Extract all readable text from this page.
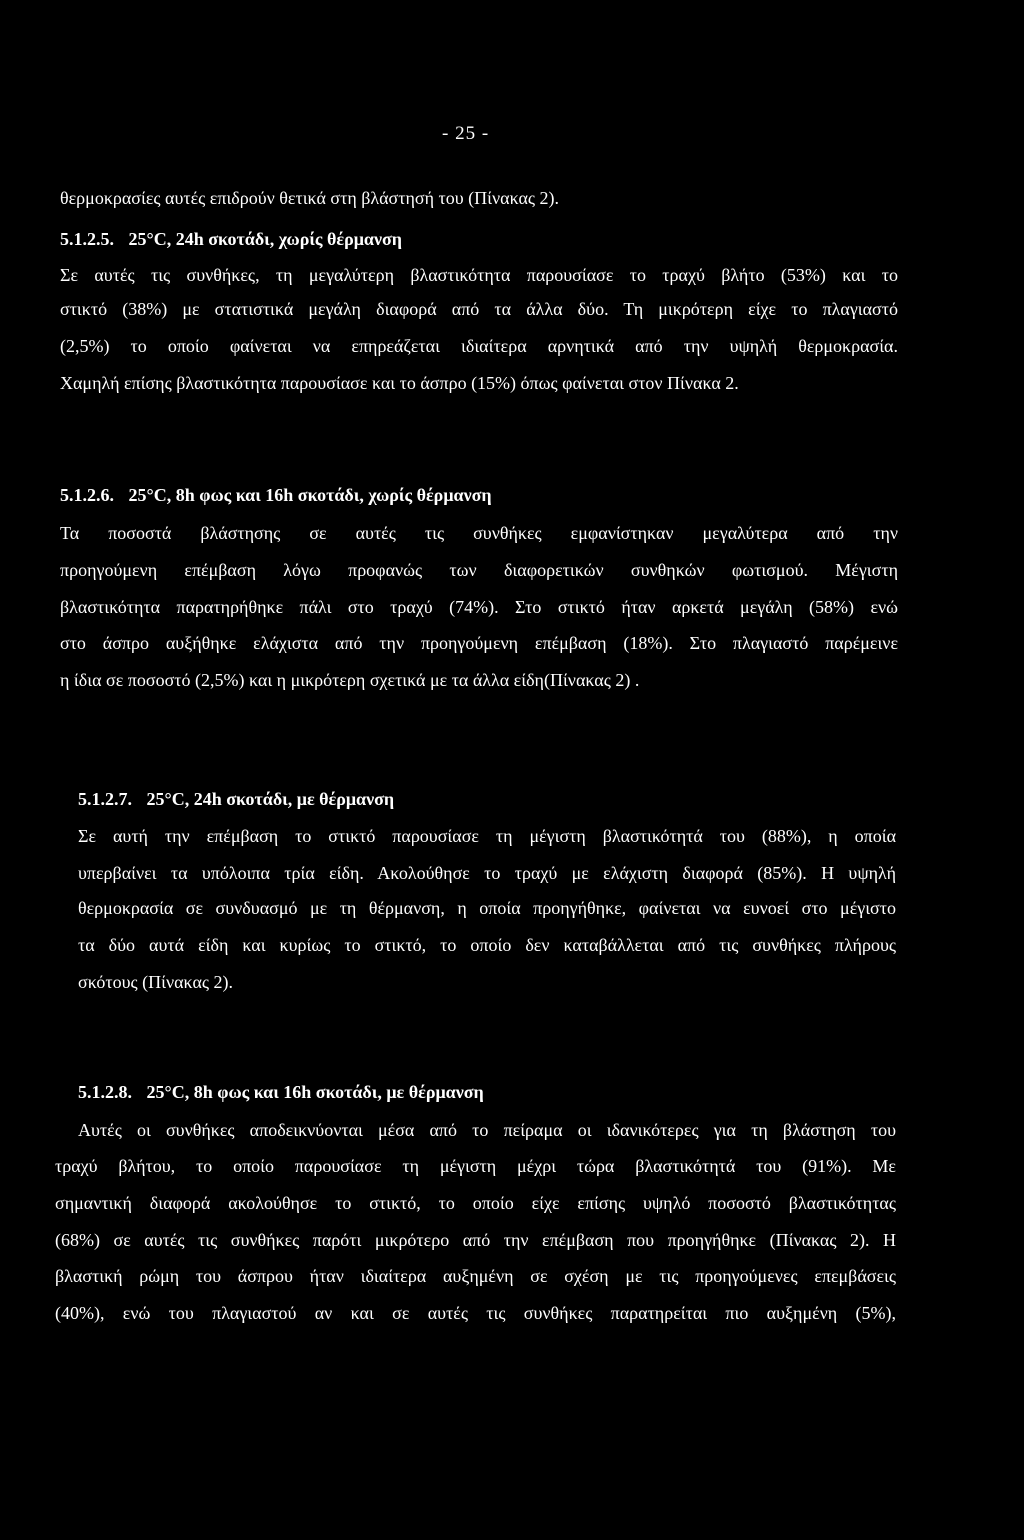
- 25 -
θερμοκρασίες αυτές επιδρούν θετικά στη βλάστησή του (Πίνακας 2).
5.1.2.5. 25°C, 24h σκοτάδι, χωρίς θέρμανση
Σε αυτές τις συνθήκες, τη μεγαλύτερη βλαστικότητα παρουσίασε το τραχύ βλήτο (53%) και το
στικτό (38%) με στατιστικά μεγάλη διαφορά από τα άλλα δύο. Τη μικρότερη είχε το πλαγιαστό
(2,5%) το οποίο φαίνεται να επηρεάζεται ιδιαίτερα αρνητικά από την υψηλή θερμοκρασία.
Χαμηλή επίσης βλαστικότητα παρουσίασε και το άσπρο (15%) όπως φαίνεται στον Πίνακα 2.
5.1.2.6. 25°C, 8h φως και 16h σκοτάδι, χωρίς θέρμανση
Τα ποσοστά βλάστησης σε αυτές τις συνθήκες εμφανίστηκαν μεγαλύτερα από την
προηγούμενη επέμβαση λόγω προφανώς των διαφορετικών συνθηκών φωτισμού. Μέγιστη
βλαστικότητα παρατηρήθηκε πάλι στο τραχύ (74%). Στο στικτό ήταν αρκετά μεγάλη (58%) ενώ
στο άσπρο αυξήθηκε ελάχιστα από την προηγούμενη επέμβαση (18%). Στο πλαγιαστό παρέμεινε
η ίδια σε ποσοστό (2,5%) και η μικρότερη σχετικά με τα άλλα είδη(Πίνακας 2) .
5.1.2.7. 25°C, 24h σκοτάδι, με θέρμανση
Σε αυτή την επέμβαση το στικτό παρουσίασε τη μέγιστη βλαστικότητά του (88%), η οποία
υπερβαίνει τα υπόλοιπα τρία είδη. Ακολούθησε το τραχύ με ελάχιστη διαφορά (85%). Η υψηλή
θερμοκρασία σε συνδυασμό με τη θέρμανση, η οποία προηγήθηκε, φαίνεται να ευνοεί στο μέγιστο
τα δύο αυτά είδη και κυρίως το στικτό, το οποίο δεν καταβάλλεται από τις συνθήκες πλήρους
σκότους (Πίνακας 2).
5.1.2.8. 25°C, 8h φως και 16h σκοτάδι, με θέρμανση
Αυτές οι συνθήκες αποδεικνύονται μέσα από το πείραμα οι ιδανικότερες για τη βλάστηση του
τραχύ βλήτου, το οποίο παρουσίασε τη μέγιστη μέχρι τώρα βλαστικότητά του (91%). Με
σημαντική διαφορά ακολούθησε το στικτό, το οποίο είχε επίσης υψηλό ποσοστό βλαστικότητας
(68%) σε αυτές τις συνθήκες παρότι μικρότερο από την επέμβαση που προηγήθηκε (Πίνακας 2). Η
βλαστική ρώμη του άσπρου ήταν ιδιαίτερα αυξημένη σε σχέση με τις προηγούμενες επεμβάσεις
(40%), ενώ του πλαγιαστού αν και σε αυτές τις συνθήκες παρατηρείται πιο αυξημένη (5%),
